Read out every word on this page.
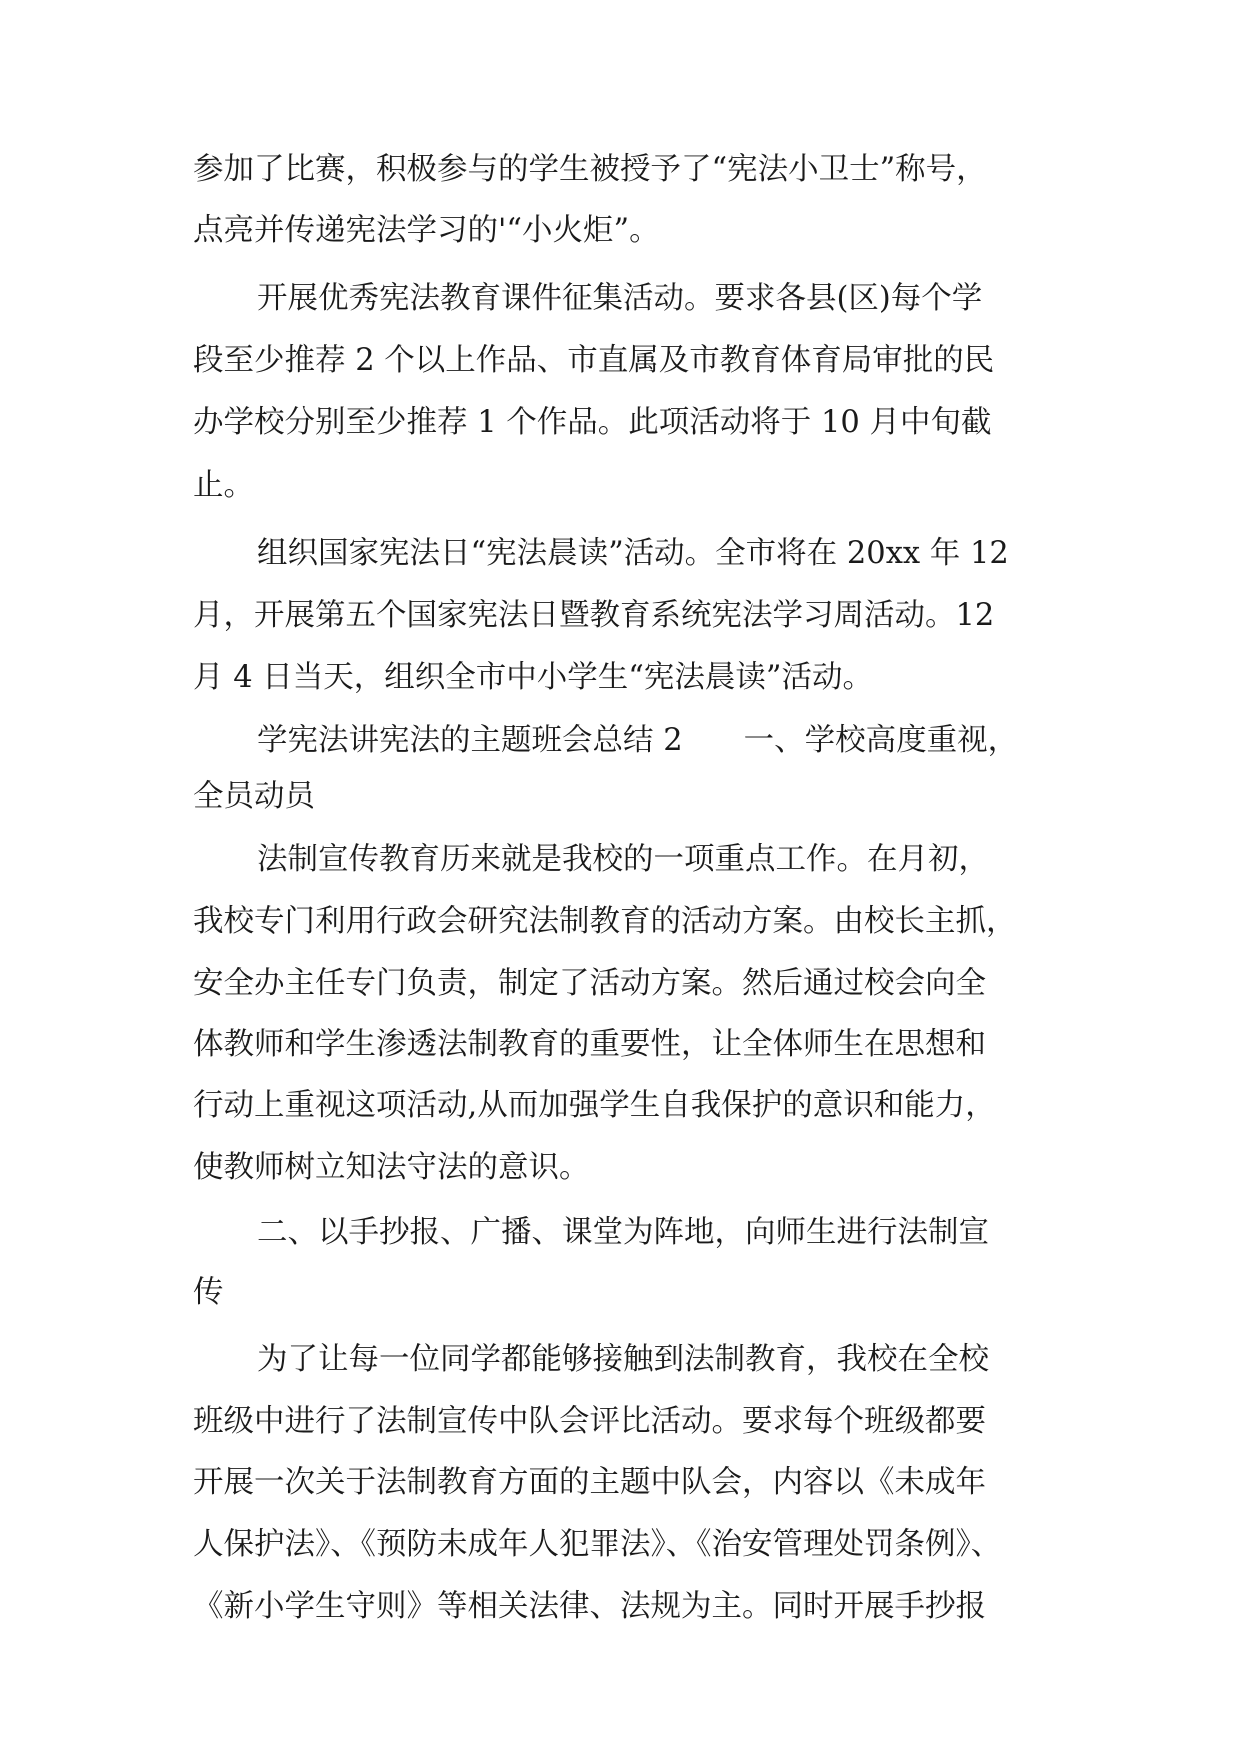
参加了比赛，积极参与的学生被授予了“宪法小卫士”称号，
点亮并传递宪法学习的'“小火炬”。
开展优秀宪法教育课件征集活动。要求各县(区)每个学
段至少推荐 2 个以上作品、市直属及市教育体育局审批的民
办学校分别至少推荐 1 个作品。此项活动将于 10 月中旬截
止。
组织国家宪法日“宪法晨读”活动。全市将在 20xx 年 12
月，开展第五个国家宪法日暨教育系统宪法学习周活动。12
月 4 日当天，组织全市中小学生“宪法晨读”活动。
学宪法讲宪法的主题班会总结 2　　一、学校高度重视，
全员动员
法制宣传教育历来就是我校的一项重点工作。在月初，
我校专门利用行政会研究法制教育的活动方案。由校长主抓，
安全办主任专门负责，制定了活动方案。然后通过校会向全
体教师和学生渗透法制教育的重要性，让全体师生在思想和
行动上重视这项活动,从而加强学生自我保护的意识和能力，
使教师树立知法守法的意识。
二、以手抄报、广播、课堂为阵地，向师生进行法制宣
传
为了让每一位同学都能够接触到法制教育，我校在全校
班级中进行了法制宣传中队会评比活动。要求每个班级都要
开展一次关于法制教育方面的主题中队会，内容以《未成年
人保护法》、《预防未成年人犯罪法》、《治安管理处罚条例》、
《新小学生守则》等相关法律、法规为主。同时开展手抄报
